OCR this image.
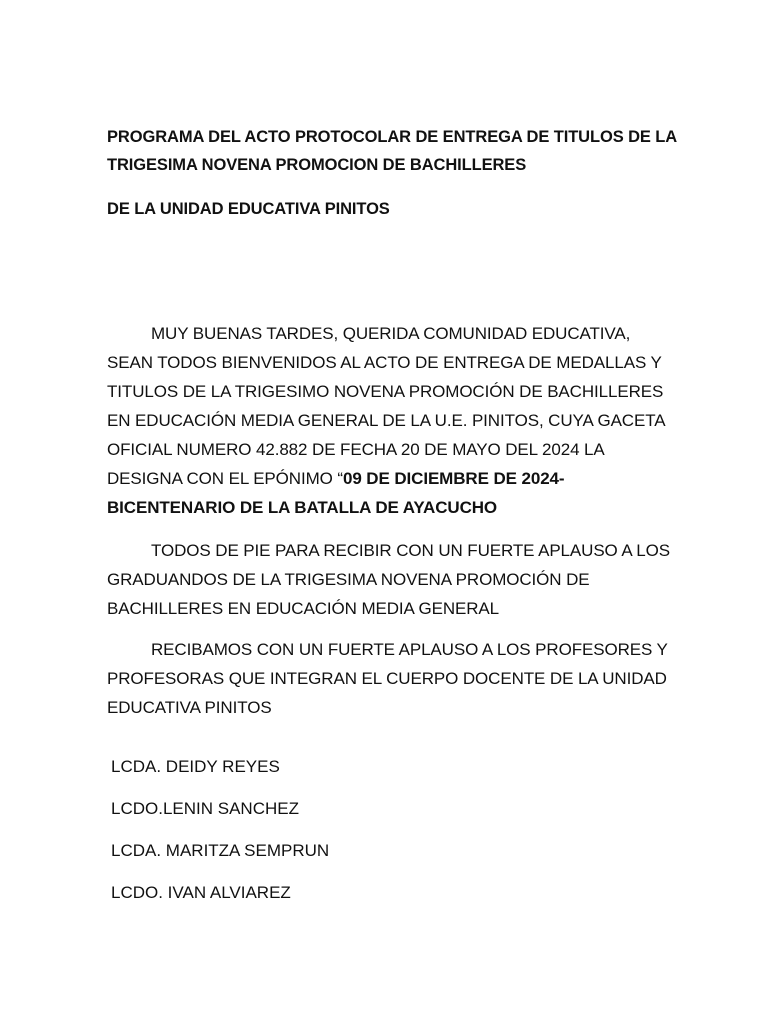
PROGRAMA DEL ACTO PROTOCOLAR DE ENTREGA DE TITULOS DE LA TRIGESIMA NOVENA PROMOCION DE BACHILLERES

DE LA UNIDAD EDUCATIVA PINITOS

MUY BUENAS TARDES, QUERIDA COMUNIDAD EDUCATIVA, SEAN TODOS BIENVENIDOS AL ACTO DE ENTREGA DE MEDALLAS Y TITULOS DE LA TRIGESIMO NOVENA PROMOCIÓN DE BACHILLERES EN EDUCACIÓN MEDIA GENERAL DE LA U.E. PINITOS, CUYA GACETA OFICIAL NUMERO 42.882 DE FECHA 20 DE MAYO DEL 2024 LA DESIGNA CON EL EPÓNIMO “09 DE DICIEMBRE DE 2024-BICENTENARIO DE LA BATALLA DE AYACUCHO

TODOS DE PIE PARA RECIBIR CON UN FUERTE APLAUSO A LOS GRADUANDOS DE LA TRIGESIMA NOVENA PROMOCIÓN DE BACHILLERES EN EDUCACIÓN MEDIA GENERAL

RECIBAMOS CON UN FUERTE APLAUSO A LOS PROFESORES Y PROFESORAS QUE INTEGRAN EL CUERPO DOCENTE DE LA UNIDAD EDUCATIVA PINITOS

LCDA. DEIDY REYES
LCDO.LENIN SANCHEZ
LCDA. MARITZA SEMPRUN
LCDO. IVAN ALVIAREZ
